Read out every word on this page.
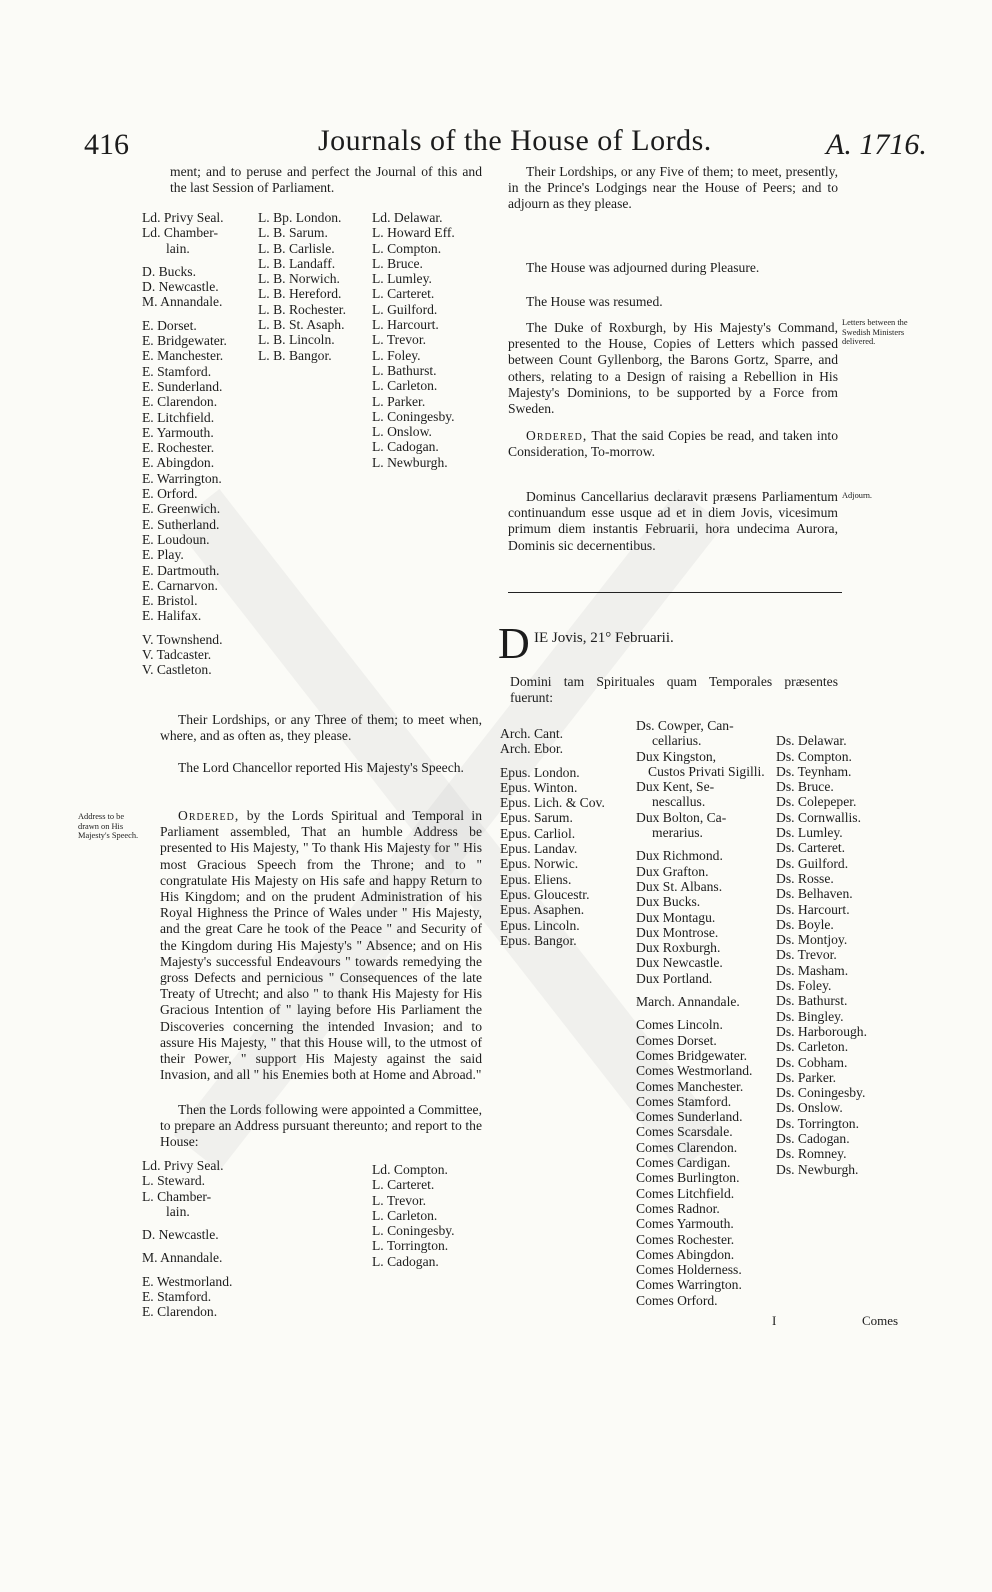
416	Journals of the House of Lords.	A. 1716.

ment; and to peruse and perfect the Journal of this and the last Session of Parliament.

Ld. Privy Seal.
Ld. Chamber-
lain.
D. Bucks.
D. Newcastle.
M. Annandale.
E. Dorset.
E. Bridgewater.
E. Manchester.
E. Stamford.
E. Sunderland.
E. Clarendon.
E. Litchfield.
E. Yarmouth.
E. Rochester.
E. Abingdon.
E. Warrington.
E. Orford.
E. Greenwich.
E. Sutherland.
E. Loudoun.
E. Play.
E. Dartmouth.
E. Carnarvon.
E. Bristol.
E. Halifax.
V. Townshend.
V. Tadcaster.
V. Castleton.
L. Bp. London.
L. B. Sarum.
L. B. Carlisle.
L. B. Landaff.
L. B. Norwich.
L. B. Hereford.
L. B. Rochester.
L. B. St. Asaph.
L. B. Lincoln.
L. B. Bangor.
Ld. Delawar.
L. Howard Eff.
L. Compton.
L. Bruce.
L. Lumley.
L. Carteret.
L. Guilford.
L. Harcourt.
L. Trevor.
L. Foley.
L. Bathurst.
L. Carleton.
L. Parker.
L. Coningesby.
L. Onslow.
L. Cadogan.
L. Newburgh.

Their Lordships, or any Three of them; to meet when, where, and as often as, they please.

The Lord Chancellor reported His Majesty's Speech.

Address to be drawn on His Majesty's Speech.

Ordered, by the Lords Spiritual and Temporal in Parliament assembled, That an humble Address be presented to His Majesty, " To thank His Majesty for " His most Gracious Speech from the Throne; and to " congratulate His Majesty on His safe and happy Return to His Kingdom; and on the prudent Administration of his Royal Highness the Prince of Wales under " His Majesty, and the great Care he took of the Peace " and Security of the Kingdom during His Majesty's " Absence; and on His Majesty's successful Endeavours " towards remedying the gross Defects and pernicious " Consequences of the late Treaty of Utrecht; and also " to thank His Majesty for His Gracious Intention of " laying before His Parliament the Discoveries concerning the intended Invasion; and to assure His Majesty, " that this House will, to the utmost of their Power, " support His Majesty against the said Invasion, and all " his Enemies both at Home and Abroad."

Then the Lords following were appointed a Committee, to prepare an Address pursuant thereunto; and report to the House:

Ld. Privy Seal.
L. Steward.
L. Chamber-
lain.
D. Newcastle.
M. Annandale.
E. Westmorland.
E. Stamford.
E. Clarendon.
Ld. Compton.
L. Carteret.
L. Trevor.
L. Carleton.
L. Coningesby.
L. Torrington.
L. Cadogan.

Their Lordships, or any Five of them; to meet, presently, in the Prince's Lodgings near the House of Peers; and to adjourn as they please.

The House was adjourned during Pleasure.

The House was resumed.

Letters between the Swedish Ministers delivered.

The Duke of Roxburgh, by His Majesty's Command, presented to the House, Copies of Letters which passed between Count Gyllenborg, the Barons Gortz, Sparre, and others, relating to a Design of raising a Rebellion in His Majesty's Dominions, to be supported by a Force from Sweden.

Ordered, That the said Copies be read, and taken into Consideration, To-morrow.

Adjourn.

Dominus Cancellarius declaravit præsens Parliamentum continuandum esse usque ad et in diem Jovis, vicesimum primum diem instantis Februarii, hora undecima Aurora, Dominis sic decernentibus.

D IE Jovis, 21° Februarii.

Domini tam Spirituales quam Temporales præsentes fuerunt:

Arch. Cant.
Arch. Ebor.
Epus. London.
Epus. Winton.
Epus. Lich. & Cov.
Epus. Sarum.
Epus. Carliol.
Epus. Landav.
Epus. Norwic.
Epus. Eliens.
Epus. Gloucestr.
Epus. Asaphen.
Epus. Lincoln.
Epus. Bangor.
Ds. Cowper, Can-
cellarius.
Dux Kingston,
Custos Privati Sigilli.
Dux Kent, Se-
nescallus.
Dux Bolton, Ca-
merarius.
Dux Richmond.
Dux Grafton.
Dux St. Albans.
Dux Bucks.
Dux Montagu.
Dux Montrose.
Dux Roxburgh.
Dux Newcastle.
Dux Portland.
March. Annandale.
Comes Lincoln.
Comes Dorset.
Comes Bridgewater.
Comes Westmorland.
Comes Manchester.
Comes Stamford.
Comes Sunderland.
Comes Scarsdale.
Comes Clarendon.
Comes Cardigan.
Comes Burlington.
Comes Litchfield.
Comes Radnor.
Comes Yarmouth.
Comes Rochester.
Comes Abingdon.
Comes Holderness.
Comes Warrington.
Comes Orford.
Ds. Delawar.
Ds. Compton.
Ds. Teynham.
Ds. Bruce.
Ds. Colepeper.
Ds. Cornwallis.
Ds. Lumley.
Ds. Carteret.
Ds. Guilford.
Ds. Rosse.
Ds. Belhaven.
Ds. Harcourt.
Ds. Boyle.
Ds. Montjoy.
Ds. Trevor.
Ds. Masham.
Ds. Foley.
Ds. Bathurst.
Ds. Bingley.
Ds. Harborough.
Ds. Carleton.
Ds. Cobham.
Ds. Parker.
Ds. Coningesby.
Ds. Onslow.
Ds. Torrington.
Ds. Cadogan.
Ds. Romney.
Ds. Newburgh.
I	Comes
